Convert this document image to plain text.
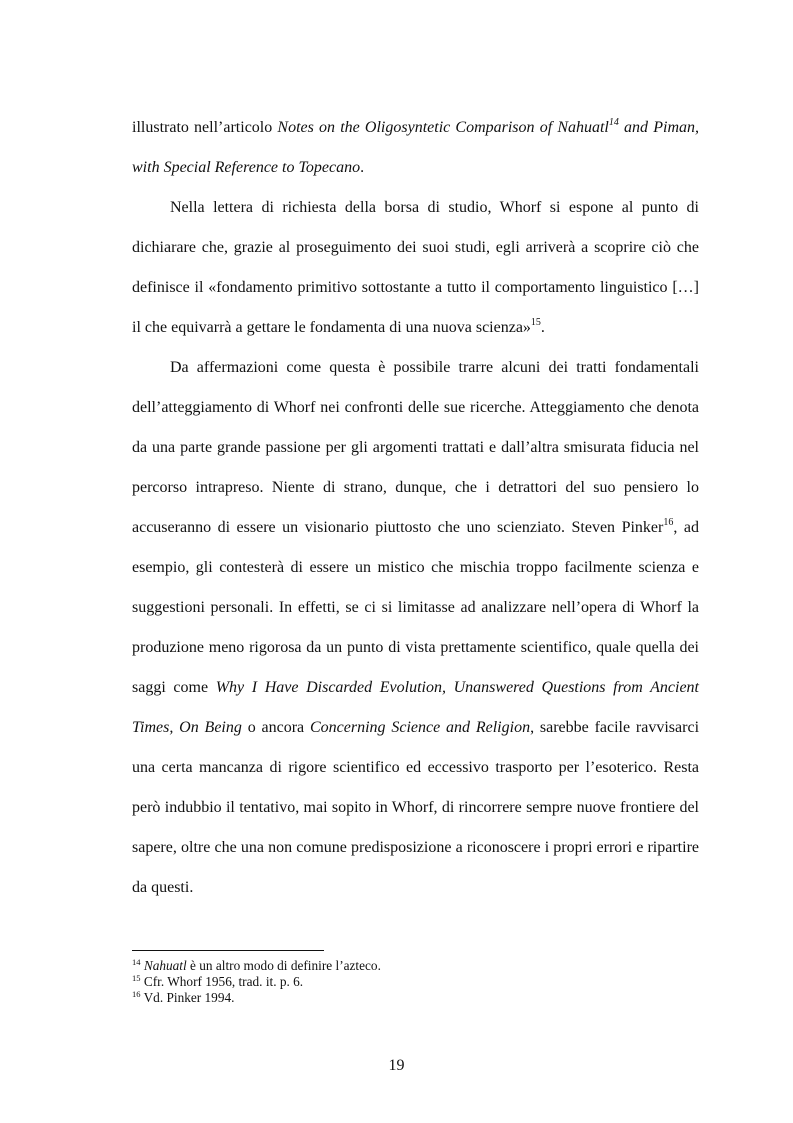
illustrato nell’articolo Notes on the Oligosyntetic Comparison of Nahuatl$^{14}$ and Piman, with Special Reference to Topecano.

Nella lettera di richiesta della borsa di studio, Whorf si espone al punto di dichiarare che, grazie al proseguimento dei suoi studi, egli arriverà a scoprire ciò che definisce il «fondamento primitivo sottostante a tutto il comportamento linguistico […] il che equivarrà a gettare le fondamenta di una nuova scienza»$^{15}$.

Da affermazioni come questa è possibile trarre alcuni dei tratti fondamentali dell’atteggiamento di Whorf nei confronti delle sue ricerche. Atteggiamento che denota da una parte grande passione per gli argomenti trattati e dall’altra smisurata fiducia nel percorso intrapreso. Niente di strano, dunque, che i detrattori del suo pensiero lo accuseranno di essere un visionario piuttosto che uno scienziato. Steven Pinker$^{16}$, ad esempio, gli contesterà di essere un mistico che mischia troppo facilmente scienza e suggestioni personali. In effetti, se ci si limitasse ad analizzare nell’opera di Whorf la produzione meno rigorosa da un punto di vista prettamente scientifico, quale quella dei saggi come Why I Have Discarded Evolution, Unanswered Questions from Ancient Times, On Being o ancora Concerning Science and Religion, sarebbe facile ravvisarci una certa mancanza di rigore scientifico ed eccessivo trasporto per l’esoterico. Resta però indubbio il tentativo, mai sopito in Whorf, di rincorrere sempre nuove frontiere del sapere, oltre che una non comune predisposizione a riconoscere i propri errori e ripartire da questi.

$^{14}$ Nahuatl è un altro modo di definire l’azteco.

$^{15}$ Cfr. Whorf 1956, trad. it. p. 6.

$^{16}$ Vd. Pinker 1994.

19
